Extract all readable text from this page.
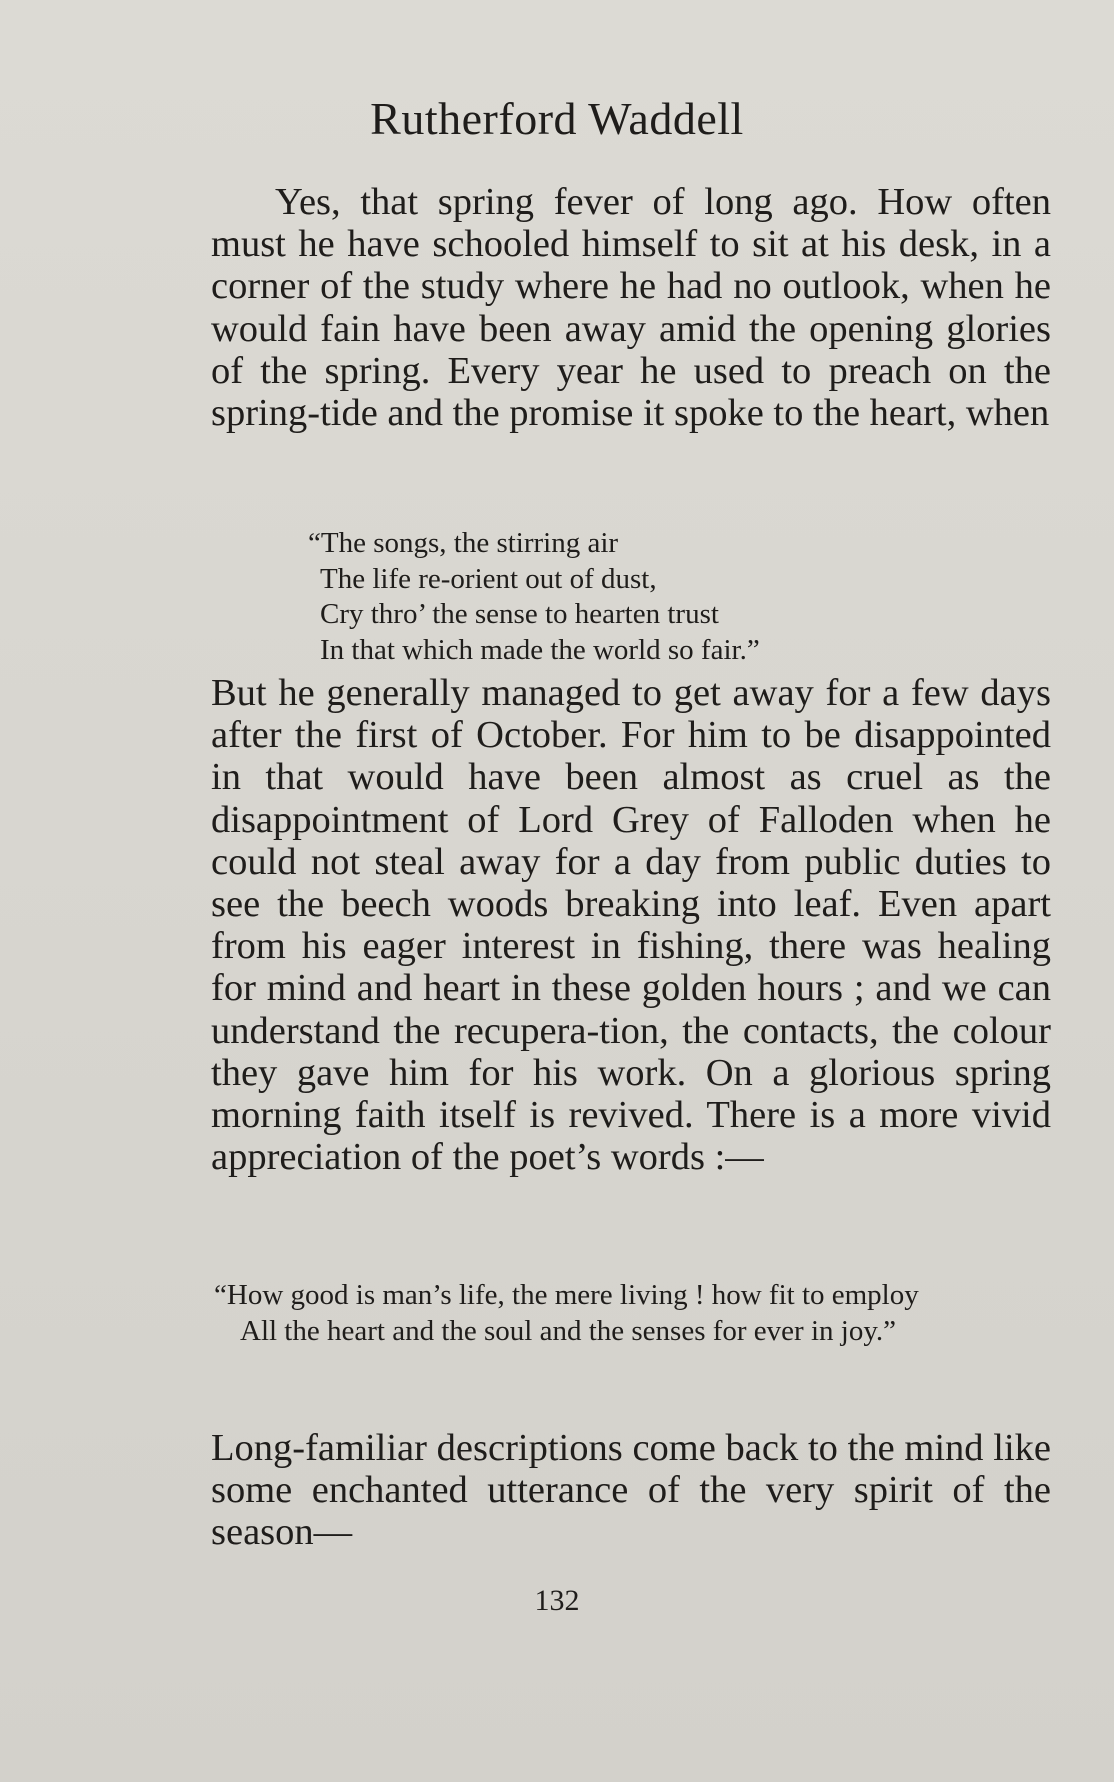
Rutherford Waddell

Yes, that spring fever of long ago. How often must he have schooled himself to sit at his desk, in a corner of the study where he had no outlook, when he would fain have been away amid the opening glories of the spring. Every year he used to preach on the spring-tide and the promise it spoke to the heart, when

“The songs, the stirring air
The life re-orient out of dust,
Cry thro’ the sense to hearten trust
In that which made the world so fair.”

But he generally managed to get away for a few days after the first of October. For him to be disappointed in that would have been almost as cruel as the disappointment of Lord Grey of Falloden when he could not steal away for a day from public duties to see the beech woods breaking into leaf. Even apart from his eager interest in fishing, there was healing for mind and heart in these golden hours ; and we can understand the recupera-tion, the contacts, the colour they gave him for his work. On a glorious spring morning faith itself is revived. There is a more vivid appreciation of the poet’s words :—

“How good is man’s life, the mere living ! how fit to employ
All the heart and the soul and the senses for ever in joy.”

Long-familiar descriptions come back to the mind like some enchanted utterance of the very spirit of the season—

132
